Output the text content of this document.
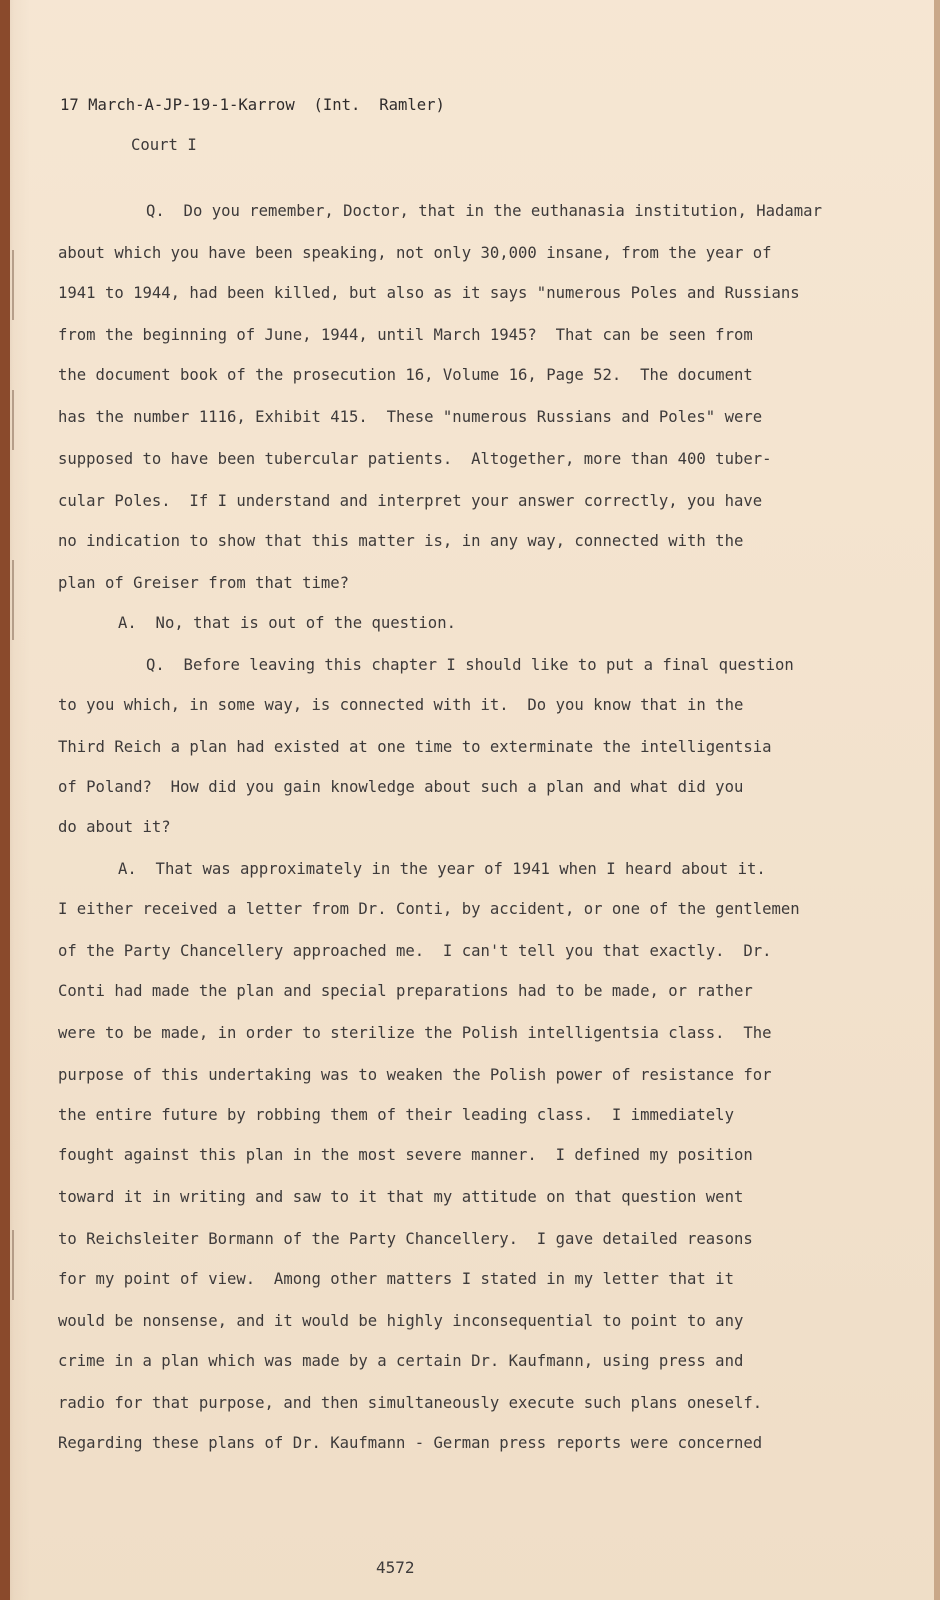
17 March-A-JP-19-1-Karrow  (Int.  Ramler)
Court I
Q.  Do you remember, Doctor, that in the euthanasia institution, Hadamar
about which you have been speaking, not only 30,000 insane, from the year of
1941 to 1944, had been killed, but also as it says "numerous Poles and Russians
from the beginning of June, 1944, until March 1945?  That can be seen from
the document book of the prosecution 16, Volume 16, Page 52.  The document
has the number 1116, Exhibit 415.  These "numerous Russians and Poles" were
supposed to have been tubercular patients.  Altogether, more than 400 tuber-
cular Poles.  If I understand and interpret your answer correctly, you have
no indication to show that this matter is, in any way, connected with the
plan of Greiser from that time?
A.  No, that is out of the question.
Q.  Before leaving this chapter I should like to put a final question
to you which, in some way, is connected with it.  Do you know that in the
Third Reich a plan had existed at one time to exterminate the intelligentsia
of Poland?  How did you gain knowledge about such a plan and what did you
do about it?
A.  That was approximately in the year of 1941 when I heard about it.
I either received a letter from Dr. Conti, by accident, or one of the gentlemen
of the Party Chancellery approached me.  I can't tell you that exactly.  Dr.
Conti had made the plan and special preparations had to be made, or rather
were to be made, in order to sterilize the Polish intelligentsia class.  The
purpose of this undertaking was to weaken the Polish power of resistance for
the entire future by robbing them of their leading class.  I immediately
fought against this plan in the most severe manner.  I defined my position
toward it in writing and saw to it that my attitude on that question went
to Reichsleiter Bormann of the Party Chancellery.  I gave detailed reasons
for my point of view.  Among other matters I stated in my letter that it
would be nonsense, and it would be highly inconsequential to point to any
crime in a plan which was made by a certain Dr. Kaufmann, using press and
radio for that purpose, and then simultaneously execute such plans oneself.
Regarding these plans of Dr. Kaufmann - German press reports were concerned
4572
